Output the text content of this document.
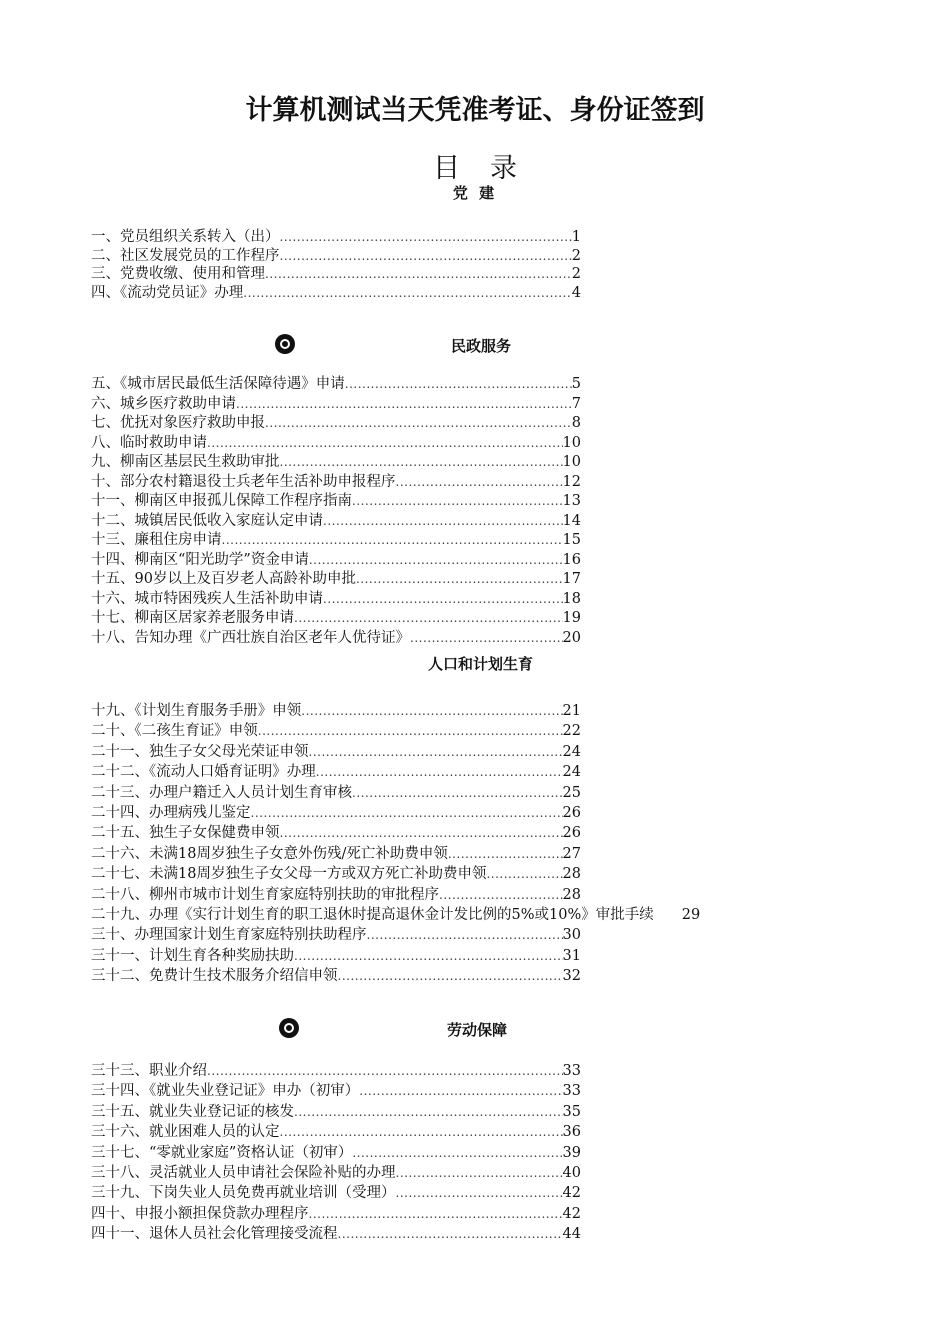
计算机测试当天凭准考证、身份证签到
目录
党 建
一、党员组织关系转入（出） .....	1
二、社区发展党员的工作程序 .....	2
三、党费收缴、使用和管理 .....	2
四、《流动党员证》办理 .....	4
民政服务
五、《城市居民最低生活保障待遇》申请 .....	5
六、城乡医疗救助申请 .....	7
七、优抚对象医疗救助申报 .....	8
八、临时救助申请 .....	10
九、柳南区基层民生救助审批 .....	10
十、部分农村籍退役士兵老年生活补助申报程序 .....	12
十一、柳南区申报孤儿保障工作程序指南 .....	13
十二、城镇居民低收入家庭认定申请 .....	14
十三、廉租住房申请 .....	15
十四、柳南区“阳光助学”资金申请 .....	16
十五、90岁以上及百岁老人高龄补助申批 .....	17
十六、城市特困残疾人生活补助申请 .....	18
十七、柳南区居家养老服务申请 .....	19
十八、告知办理《广西壮族自治区老年人优待证》 .....	20
人口和计划生育
十九、《计划生育服务手册》申领 .....	21
二十、《二孩生育证》申领 .....	22
二十一、独生子女父母光荣证申领 .....	24
二十二、《流动人口婚育证明》办理 .....	24
二十三、办理户籍迁入人员计划生育审核 .....	25
二十四、办理病残儿鉴定 .....	26
二十五、独生子女保健费申领 .....	26
二十六、未满18周岁独生子女意外伤残/死亡补助费申领 .....	27
二十七、未满18周岁独生子女父母一方或双方死亡补助费申领 .....	28
二十八、柳州市城市计划生育家庭特别扶助的审批程序 .....	28
二十九、办理《实行计划生育的职工退休时提高退休金计发比例的5%或10%》审批手续 29
三十、办理国家计划生育家庭特别扶助程序 .....	30
三十一、计划生育各种奖励扶助 .....	31
三十二、免费计生技术服务介绍信申领 .....	32
劳动保障
三十三、职业介绍 .....	33
三十四、《就业失业登记证》申办（初审） .....	33
三十五、就业失业登记证的核发 .....	35
三十六、就业困难人员的认定 .....	36
三十七、“零就业家庭”资格认证（初审） .....	39
三十八、灵活就业人员申请社会保险补贴的办理 .....	40
三十九、下岗失业人员免费再就业培训（受理） .....	42
四十、申报小额担保贷款办理程序 .....	42
四十一、退休人员社会化管理接受流程 .....	44
